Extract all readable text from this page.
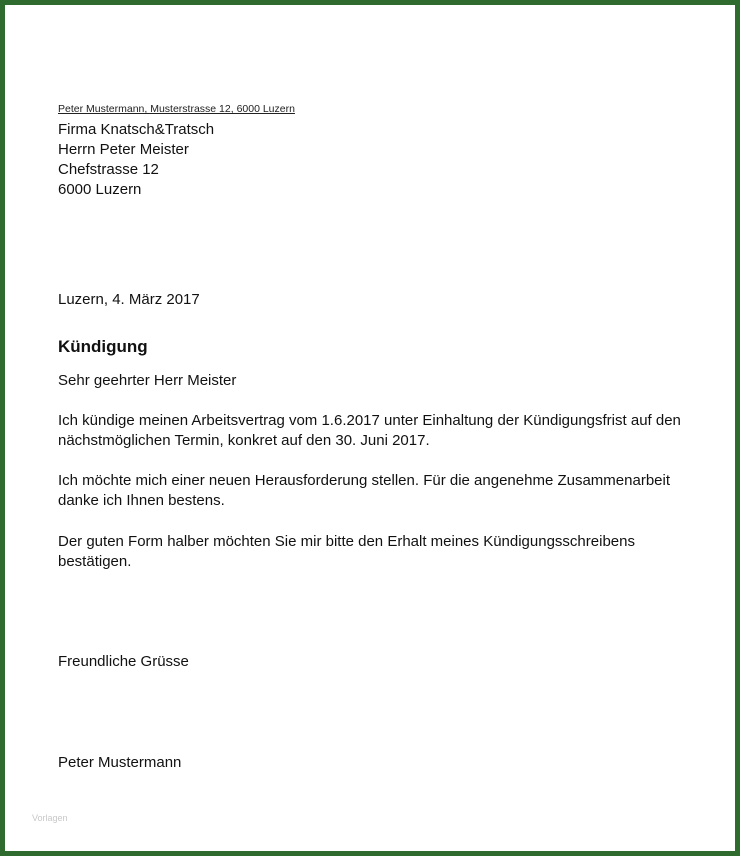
Peter Mustermann, Musterstrasse 12, 6000 Luzern
Firma Knatsch&Tratsch
Herrn Peter Meister
Chefstrasse 12
6000 Luzern
Luzern, 4. März 2017
Kündigung
Sehr geehrter Herr Meister
Ich kündige meinen Arbeitsvertrag vom 1.6.2017 unter Einhaltung der Kündigungsfrist auf den
nächstmöglichen Termin, konkret auf den 30. Juni 2017.
Ich möchte mich einer neuen Herausforderung stellen. Für die angenehme Zusammenarbeit
danke ich Ihnen bestens.
Der guten Form halber möchten Sie mir bitte den Erhalt meines Kündigungsschreibens
bestätigen.
Freundliche Grüsse
Peter Mustermann
Vorlagen
